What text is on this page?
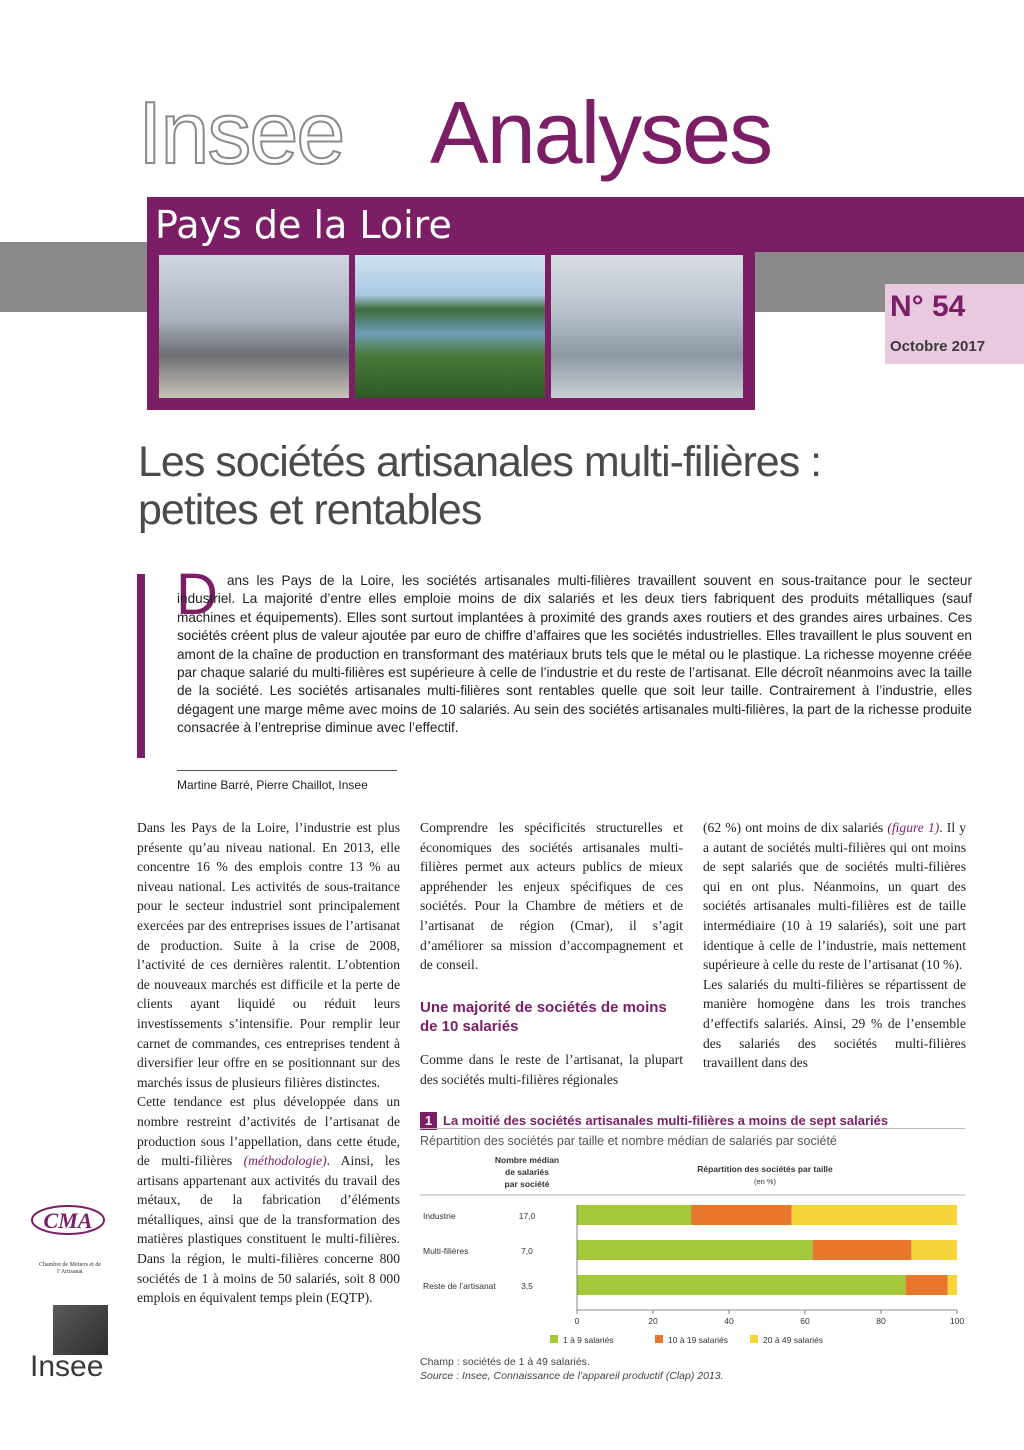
Insee Analyses
Pays de la Loire
N° 54
Octobre 2017
Les sociétés artisanales multi-filières :
petites et rentables
D ans les Pays de la Loire, les sociétés artisanales multi-filières travaillent souvent en sous-traitance pour le secteur industriel. La majorité d’entre elles emploie moins de dix salariés et les deux tiers fabriquent des produits métalliques (sauf machines et équipements). Elles sont surtout implantées à proximité des grands axes routiers et des grandes aires urbaines. Ces sociétés créent plus de valeur ajoutée par euro de chiffre d’affaires que les sociétés industrielles. Elles travaillent le plus souvent en amont de la chaîne de production en transformant des matériaux bruts tels que le métal ou le plastique. La richesse moyenne créée par chaque salarié du multi-filières est supérieure à celle de l’industrie et du reste de l’artisanat. Elle décroît néanmoins avec la taille de la société. Les sociétés artisanales multi-filières sont rentables quelle que soit leur taille. Contrairement à l’industrie, elles dégagent une marge même avec moins de 10 salariés. Au sein des sociétés artisanales multi-filières, la part de la richesse produite consacrée à l’entreprise diminue avec l’effectif.
Martine Barré, Pierre Chaillot, Insee

Dans les Pays de la Loire, l’industrie est plus présente qu’au niveau national. En 2013, elle concentre 16 % des emplois contre 13 % au niveau national. Les activités de sous-traitance pour le secteur industriel sont principalement exercées par des entreprises issues de l’artisanat de production. Suite à la crise de 2008, l’activité de ces dernières ralentit. L’obtention de nouveaux marchés est difficile et la perte de clients ayant liquidé ou réduit leurs investissements s’intensifie. Pour remplir leur carnet de commandes, ces entreprises tendent à diversifier leur offre en se positionnant sur des marchés issus de plusieurs filières distinctes.

Cette tendance est plus développée dans un nombre restreint d’activités de l’artisanat de production sous l’appellation, dans cette étude, de multi-filières (méthodologie). Ainsi, les artisans appartenant aux activités du travail des métaux, de la fabrication d’éléments métalliques, ainsi que de la transformation des matières plastiques constituent le multi-filières. Dans la région, le multi-filières concerne 800 sociétés de 1 à moins de 50 salariés, soit 8 000 emplois en équivalent temps plein (EQTP).

Comprendre les spécificités structurelles et économiques des sociétés artisanales multi-filières permet aux acteurs publics de mieux appréhender les enjeux spécifiques de ces sociétés. Pour la Chambre de métiers et de l’artisanat de région (Cmar), il s’agit d’améliorer sa mission d’accompagnement et de conseil.

Une majorité de sociétés de moins de 10 salariés

Comme dans le reste de l’artisanat, la plupart des sociétés multi-filières régionales

(62 %) ont moins de dix salariés (figure 1). Il y a autant de sociétés multi-filières qui ont moins de sept salariés que de sociétés multi-filières qui en ont plus. Néanmoins, un quart des sociétés artisanales multi-filières est de taille intermédiaire (10 à 19 salariés), soit une part identique à celle de l’industrie, mais nettement supérieure à celle du reste de l’artisanat (10 %).

Les salariés du multi-filières se répartissent de manière homogène dans les trois tranches d’effectifs salariés. Ainsi, 29 % de l’ensemble des salariés des sociétés multi-filières travaillent dans des

1 La moitié des sociétés artisanales multi-filières a moins de sept salariés
Répartition des sociétés par taille et nombre médian de salariés par société
Nombre médian
de salariés
par société
Répartition des sociétés par taille
(en %)
Industrie	17,0
Multi-filières	7,0
Reste de l’artisanat	3,5
0	20	40	60	80	100
1 à 9 salariés	10 à 19 salariés	20 à 49 salariés
Champ : sociétés de 1 à 49 salariés.
Source : Insee, Connaissance de l’appareil productif (Clap) 2013.
CMA
Chambre de Métiers et de l’Artisanat
Insee
